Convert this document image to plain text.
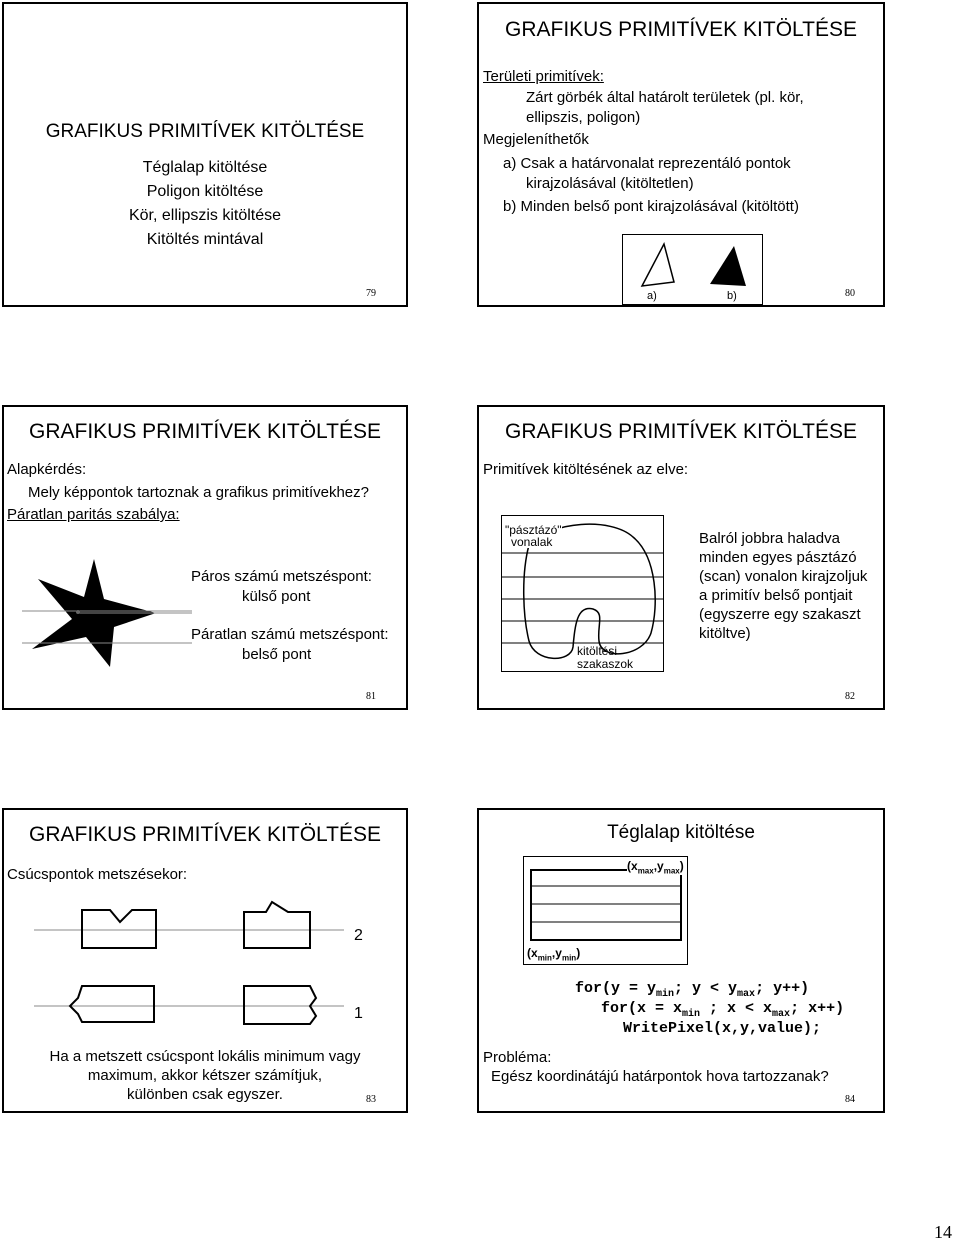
GRAFIKUS PRIMITÍVEK KITÖLTÉSE
Téglalap kitöltése
Poligon kitöltése
Kör, ellipszis kitöltése
Kitöltés mintával
79
GRAFIKUS PRIMITÍVEK KITÖLTÉSE
Területi primitívek:
Zárt görbék által határolt területek (pl. kör,
ellipszis, poligon)
Megjeleníthetők
a) Csak a határvonalat reprezentáló pontok
kirajzolásával (kitöltetlen)
b) Minden belső pont kirajzolásával (kitöltött)
a)	b)	80
GRAFIKUS PRIMITÍVEK KITÖLTÉSE
Alapkérdés:
Mely képpontok tartoznak a grafikus primitívekhez?
Páratlan paritás szabálya:
Páros számú metszéspont:
külső pont
Páratlan számú metszéspont:
belső pont
81
GRAFIKUS PRIMITÍVEK KITÖLTÉSE
Primitívek kitöltésének az elve:
"pásztázó"
vonalak
kitöltési
szakaszok
Balról jobbra haladva
minden egyes pásztázó
(scan) vonalon kirajzoljuk
a primitív belső pontjait
(egyszerre egy szakaszt
kitöltve)
82
GRAFIKUS PRIMITÍVEK KITÖLTÉSE
Csúcspontok metszésekor:
2
1
Ha a metszett csúcspont lokális minimum vagy
maximum, akkor kétszer számítjuk,
különben csak egyszer.	83
Téglalap kitöltése
$(x_{max},y_{max})$
$(x_{min},y_{min})$
$for(y = y_{min}$; $y < y_{max}$; y++)
$for(x = x_{min}$ ; $x < x_{max}$; x++)
WritePixel(x,y,value);
Probléma:
Egész koordinátájú határpontok hova tartozzanak?
84
14
